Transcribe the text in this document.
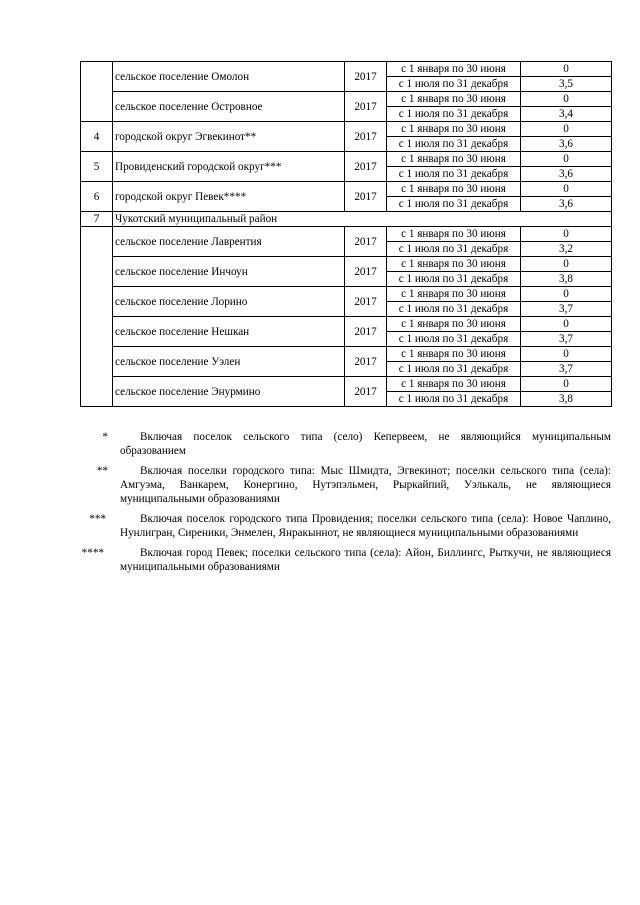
	сельское поселение Омолон	2017	с 1 января по 30 июня	0
			с 1 июля по 31 декабря	3,5
	сельское поселение Островное	2017	с 1 января по 30 июня	0
			с 1 июля по 31 декабря	3,4
4	городской округ Эгвекинот**	2017	с 1 января по 30 июня	0
			с 1 июля по 31 декабря	3,6
5	Провиденский городской округ***	2017	с 1 января по 30 июня	0
			с 1 июля по 31 декабря	3,6
6	городской округ Певек****	2017	с 1 января по 30 июня	0
			с 1 июля по 31 декабря	3,6
7	Чукотский муниципальный район			
	сельское поселение Лаврентия	2017	с 1 января по 30 июня	0
			с 1 июля по 31 декабря	3,2
	сельское поселение Инчоун	2017	с 1 января по 30 июня	0
			с 1 июля по 31 декабря	3,8
	сельское поселение Лорино	2017	с 1 января по 30 июня	0
			с 1 июля по 31 декабря	3,7
	сельское поселение Нешкан	2017	с 1 января по 30 июня	0
			с 1 июля по 31 декабря	3,7
	сельское поселение Уэлен	2017	с 1 января по 30 июня	0
			с 1 июля по 31 декабря	3,7
	сельское поселение Энурмино	2017	с 1 января по 30 июня	0
			с 1 июля по 31 декабря	3,8
*	Включая поселок сельского типа (село) Кепервеем, не являющийся муниципальным образованием
**	Включая поселки городского типа: Мыс Шмидта, Эгвекинот; поселки сельского типа (села): Амгуэма, Ванкарем, Конергино, Нутэпэльмен, Рыркайпий, Уэлькаль, не являющиеся муниципальными образованиями
***	Включая поселок городского типа Провидения; поселки сельского типа (села): Новое Чаплино, Нунлигран, Сиреники, Энмелен, Янракыннот, не являющиеся муниципальными образованиями
****	Включая город Певек; поселки сельского типа (села): Айон, Биллингс, Рыткучи, не являющиеся муниципальными образованиями
